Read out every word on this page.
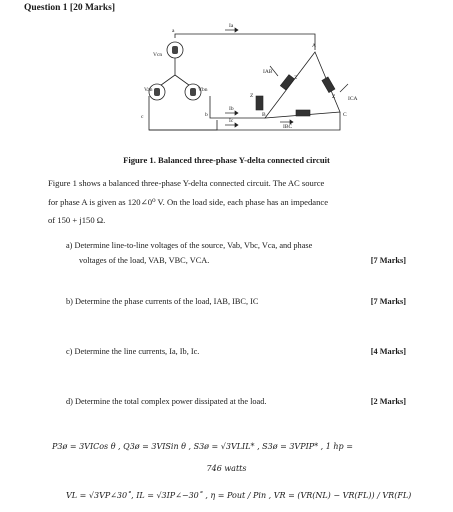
Question 1 [20 Marks]
a
Van
Vcn
Vbn
c	b
Ia
Ib
Ic
IAB
IBC
ICA
A
B	C
Z
Z
Z
Figure 1. Balanced three-phase Y-delta connected circuit
Figure 1 shows a balanced three-phase Y-delta connected circuit. The AC source
for phase A is given as 120∠0⁰ V. On the load side, each phase has an impedance
of 150 + j150 Ω.
a) Determine line-to-line voltages of the source, Vab, Vbc, Vca, and phase
voltages of the load, VAB, VBC, VCA.	[7 Marks]
b) Determine the phase currents of the load, IAB, IBC, IC	[7 Marks]
c) Determine the line currents, Ia, Ib, Ic.	[4 Marks]
d) Determine the total complex power dissipated at the load.	[2 Marks]
P3ø = 3VICos θ , Q3ø = 3VISin θ , S3ø = √3VLIL* , S3ø = 3VPIP* , 1 hp =
746 watts
VL = √3VP∠30˚, IL = √3IP∠−30˚ , η = Pout / Pin , VR = (VR(NL) − VR(FL)) / VR(FL)
